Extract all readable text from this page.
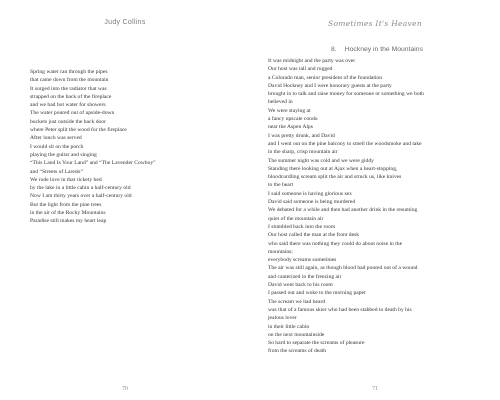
Judy Collins
Spring water ran through the pipes
that came down from the mountain
It surged into the radiator that was
strapped on the back of the fireplace
and we had hot water for showers
The water poured out of upside-down
buckets just outside the back door
where Peter split the wood for the fireplace
After lunch was served
I would sit on the porch
playing the guitar and singing
“This Land Is Your Land” and “The Lavender Cowboy”
and “Streets of Laredo”
We rode love in that rickety bed
by the lake in a little cabin a half-century old
Now I am thirty years over a half-century old
But the light from the pine trees
in the air of the Rocky Mountains
Paradise still makes my heart leap
70
Sometimes It's Heaven
8. Hockney in the Mountains
It was midnight and the party was over
Our host was tall and rugged
a Colorado man, senior president of the foundation
David Hockney and I were honorary guests at the party
brought in to talk and raise money for someone or something we both
believed in
We were staying at
a fancy upscale condo
near the Aspen Alps
I was pretty drunk, and David
and I went out on the pine balcony to smell the woodsmoke and take
in the sharp, crisp mountain air
The summer night was cold and we were giddy
Standing there looking out at Ajax when a heart-stopping,
bloodcurdling scream split the air and struck us, like knives
to the heart
I said someone is having glorious sex
David said someone is being murdered
We debated for a while and then had another drink in the resuming
quiet of the mountain air
I stumbled back into the room
Our host called the man at the front desk
who said there was nothing they could do about noise in the
mountains;
everybody screams sometimes
The air was still again, as though blood had poured out of a wound
and cauterized in the freezing air
David went back to his room
I passed out and woke to the morning paper
The scream we had heard
was that of a famous skier who had been stabbed to death by his
jealous lover
in their little cabin
on the next mountainside
So hard to separate the screams of pleasure
from the screams of death
71
